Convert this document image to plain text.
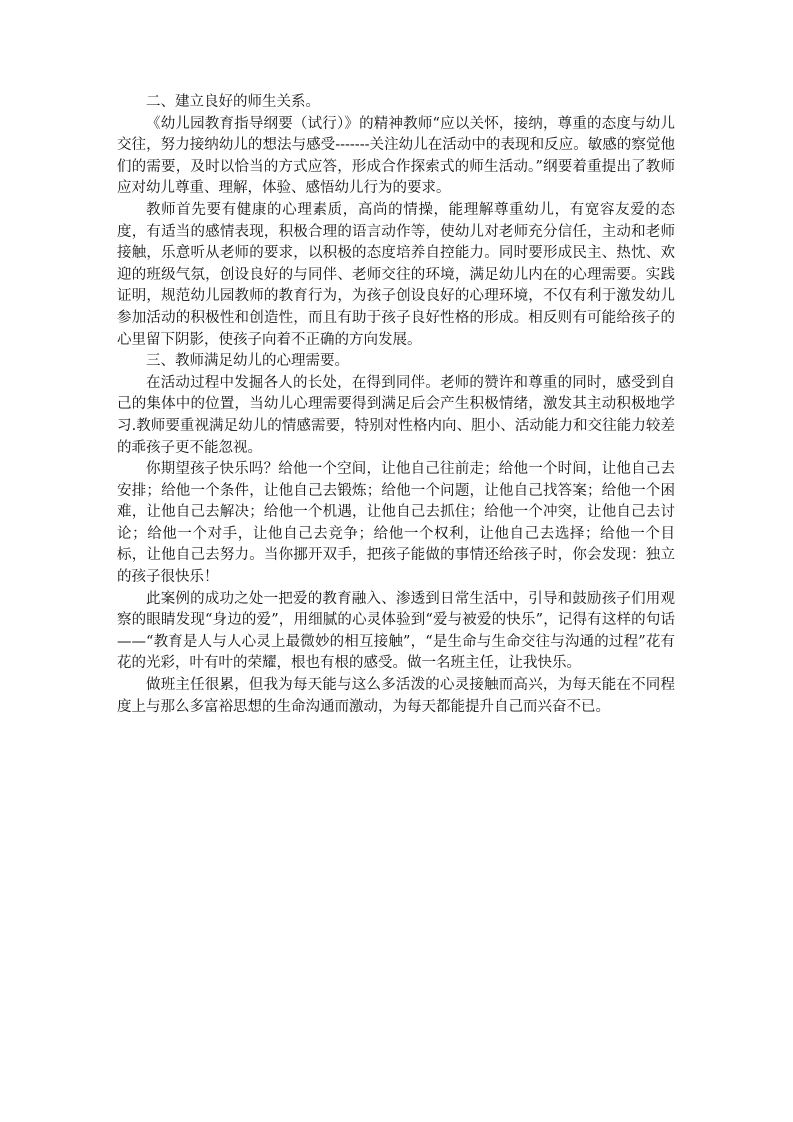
二、建立良好的师生关系。

《幼儿园教育指导纲要（试行）》的精神教师“应以关怀，接纳，尊重的态度与幼儿交往，努力接纳幼儿的想法与感受-------关注幼儿在活动中的表现和反应。敏感的察觉他们的需要，及时以恰当的方式应答，形成合作探索式的师生活动。”纲要着重提出了教师应对幼儿尊重、理解，体验、感悟幼儿行为的要求。

教师首先要有健康的心理素质，高尚的情操，能理解尊重幼儿，有宽容友爱的态度，有适当的感情表现，积极合理的语言动作等，使幼儿对老师充分信任，主动和老师接触，乐意听从老师的要求，以积极的态度培养自控能力。同时要形成民主、热忱、欢迎的班级气氛，创设良好的与同伴、老师交往的环境，满足幼儿内在的心理需要。实践证明，规范幼儿园教师的教育行为，为孩子创设良好的心理环境，不仅有利于激发幼儿参加活动的积极性和创造性，而且有助于孩子良好性格的形成。相反则有可能给孩子的心里留下阴影，使孩子向着不正确的方向发展。

三、教师满足幼儿的心理需要。

在活动过程中发掘各人的长处，在得到同伴。老师的赞许和尊重的同时，感受到自己的集体中的位置，当幼儿心理需要得到满足后会产生积极情绪，激发其主动积极地学习.教师要重视满足幼儿的情感需要，特别对性格内向、胆小、活动能力和交往能力较差的乖孩子更不能忽视。

你期望孩子快乐吗？给他一个空间，让他自己往前走；给他一个时间，让他自己去安排；给他一个条件，让他自己去锻炼；给他一个问题，让他自己找答案；给他一个困难，让他自己去解决；给他一个机遇，让他自己去抓住；给他一个冲突，让他自己去讨论；给他一个对手，让他自己去竞争；给他一个权利，让他自己去选择；给他一个目标，让他自己去努力。当你挪开双手，把孩子能做的事情还给孩子时，你会发现：独立的孩子很快乐！

此案例的成功之处一把爱的教育融入、渗透到日常生活中，引导和鼓励孩子们用观察的眼睛发现“身边的爱”，用细腻的心灵体验到“爱与被爱的快乐”，记得有这样的句话——“教育是人与人心灵上最微妙的相互接触”，“是生命与生命交往与沟通的过程”花有花的光彩，叶有叶的荣耀，根也有根的感受。做一名班主任，让我快乐。

做班主任很累，但我为每天能与这么多活泼的心灵接触而高兴，为每天能在不同程度上与那么多富裕思想的生命沟通而激动，为每天都能提升自己而兴奋不已。
